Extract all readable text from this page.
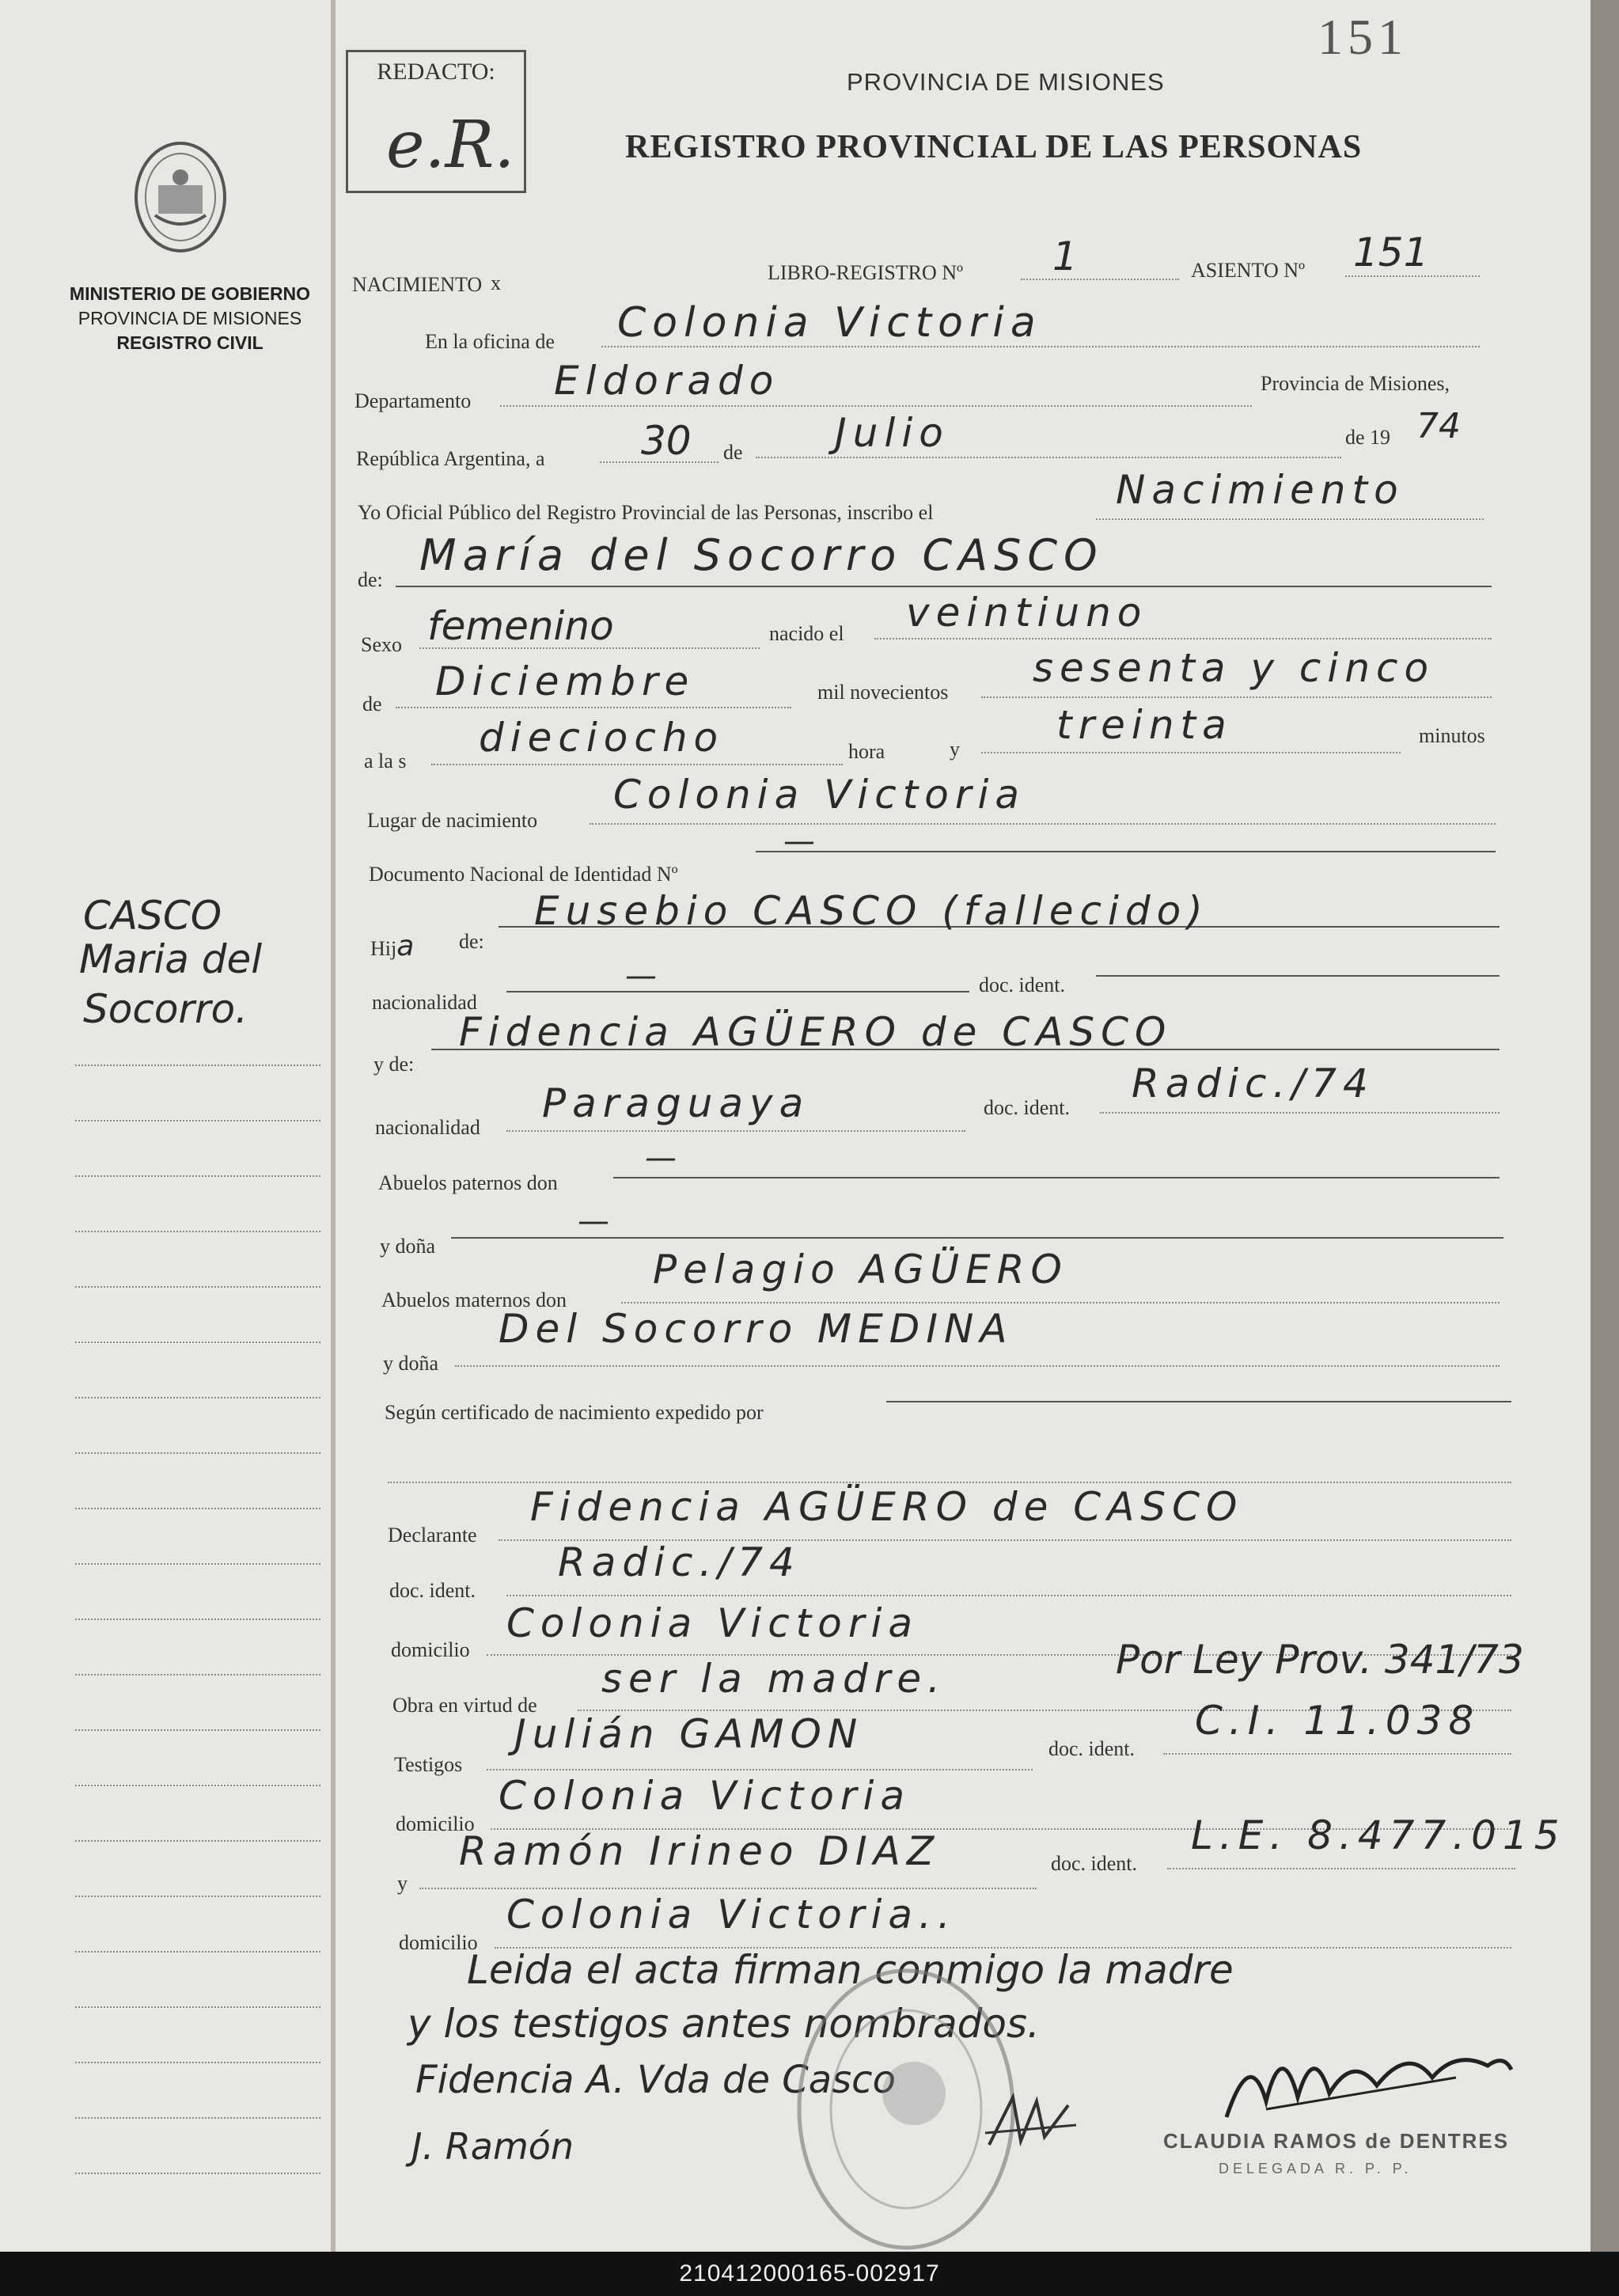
151
REDACTO:
e.R.
PROVINCIA DE MISIONES
REGISTRO PROVINCIAL DE LAS PERSONAS
MINISTERIO DE GOBIERNO
PROVINCIA DE MISIONES
REGISTRO CIVIL
CASCO
Maria del
Socorro.
NACIMIENTO x	LIBRO-REGISTRO Nº 1	ASIENTO Nº 151
En la oficina de Colonia Victoria
Departamento Eldorado	Provincia de Misiones,
República Argentina, a 30 de Julio	de 19 74
Yo Oficial Público del Registro Provincial de las Personas, inscribo el	Nacimiento
de: María del Socorro CASCO
Sexo femenino	nacido el veintiuno
de Diciembre	mil novecientos
sesenta y cinco
a la s
dieciocho	hora	y
treinta	minutos
Lugar de nacimiento
Colonia Victoria
Documento Nacional de Identidad Nº
—
Hija de:
Eusebio CASCO (fallecido)
nacionalidad
—	doc. ident.
y de:
Fidencia AGÜERO de CASCO
nacionalidad
Paraguaya	doc. ident.
Radic./74
Abuelos paternos don
—
y doña
—
Abuelos maternos don
Pelagio AGÜERO
y doña
Del Socorro MEDINA
Según certificado de nacimiento expedido por
Declarante
Fidencia AGÜERO de CASCO
doc. ident.
Radic./74
domicilio
Colonia Victoria
Obra en virtud de
ser la madre.	Por Ley Prov. 341/73
Testigos
Julián GAMON	doc. ident.
C.I. 11.038
domicilio
Colonia Victoria
y
Ramón Irineo DIAZ	doc. ident.
L.E. 8.477.015
domicilio
Colonia Victoria..
Leida el acta firman conmigo la madre
y los testigos antes nombrados.
Fidencia A. Vda de Casco
J. Ramón	CLAUDIA RAMOS de DENTRES
DELEGADA R. P. P.
210412000165-002917
